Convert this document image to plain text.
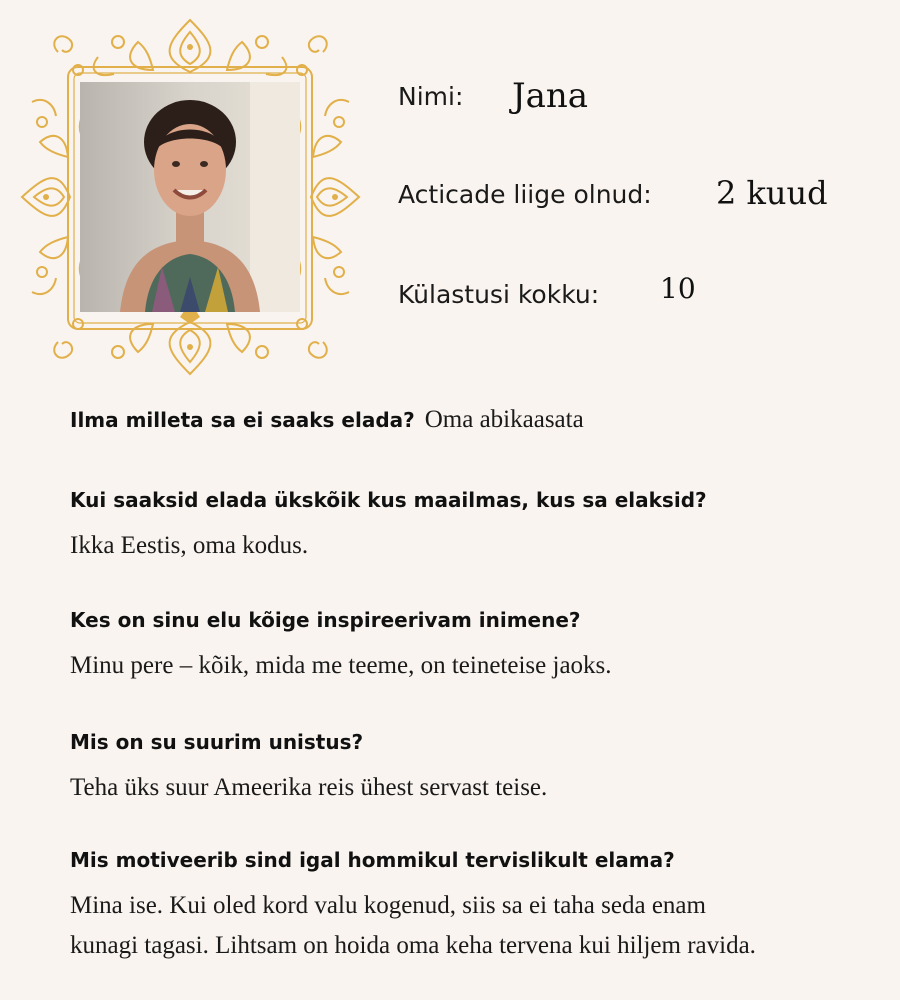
Nimi: Jana
Acticade liige olnud: 2 kuud
Külastusi kokku: 10
Ilma milleta sa ei saaks elada? Oma abikaasata
Kui saaksid elada ükskõik kus maailmas, kus sa elaksid?
Ikka Eestis, oma kodus.
Kes on sinu elu kõige inspireerivam inimene?
Minu pere – kõik, mida me teeme, on teineteise jaoks.
Mis on su suurim unistus?
Teha üks suur Ameerika reis ühest servast teise.
Mis motiveerib sind igal hommikul tervislikult elama?
Mina ise. Kui oled kord valu kogenud, siis sa ei taha seda enam
kunagi tagasi. Lihtsam on hoida oma keha tervena kui hiljem ravida.
